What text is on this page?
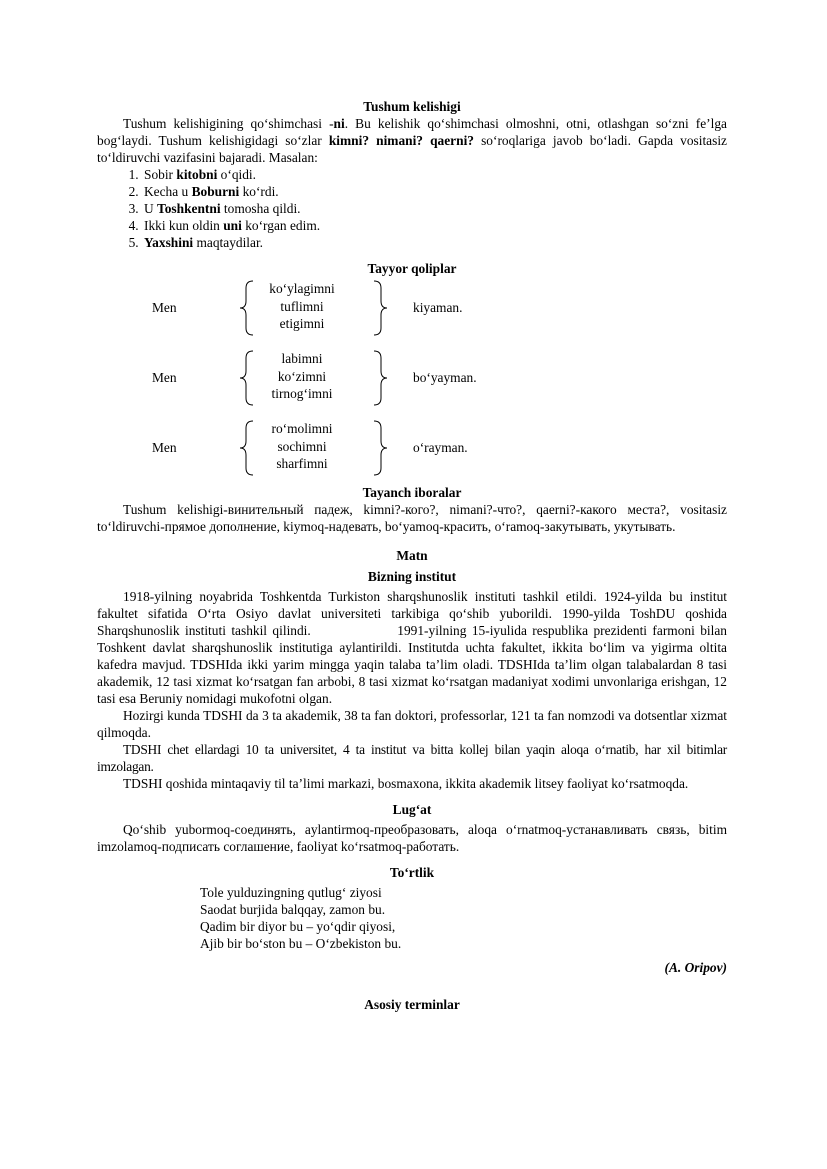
Tushum kelishigi

Tushum kelishigining qo‘shimchasi -ni. Bu kelishik qo‘shimchasi olmoshni, otni, otlashgan so‘zni fe’lga bog‘laydi. Tushum kelishigidagi so‘zlar kimni? nimani? qaerni? so‘roqlariga javob bo‘ladi. Gapda vositasiz to‘ldiruvchi vazifasini bajaradi. Masalan:

1. Sobir kitobni o‘qidi.
2. Kecha u Boburni ko‘rdi.
3. U Toshkentni tomosha qildi.
4. Ikki kun oldin uni ko‘rgan edim.
5. Yaxshini maqtaydilar.
Tayyor qoliplar
Men
ko‘ylagimni
tuflimni
etigimni
kiyaman.
Men
labimni
ko‘zimni
tirnog‘imni
bo‘yayman.
Men
ro‘molimni
sochimni
sharfimni
o‘rayman.
Tayanch iboralar

Tushum kelishigi-винительный падеж, kimni?-кого?, nimani?-что?, qaerni?-какого места?, vositasiz to‘ldiruvchi-прямое дополнение, kiymoq-надевать, bo‘yamoq-красить, o‘ramoq-закутывать, укутывать.

Matn
Bizning institut

1918-yilning noyabrida Toshkentda Turkiston sharqshunoslik instituti tashkil etildi. 1924-yilda bu institut fakultet sifatida O‘rta Osiyo davlat universiteti tarkibiga qo‘shib yuborildi. 1990-yilda ToshDU qoshida Sharqshunoslik instituti tashkil qilindi.                1991-yilning 15-iyulida respublika prezidenti farmoni bilan Toshkent davlat sharqshunoslik institutiga aylantirildi. Institutda uchta fakultet, ikkita bo‘lim va yigirma oltita kafedra mavjud. TDSHIda ikki yarim mingga yaqin talaba ta’lim oladi. TDSHIda ta’lim olgan talabalardan 8 tasi akademik, 12 tasi xizmat ko‘rsatgan fan arbobi, 8 tasi xizmat ko‘rsatgan madaniyat xodimi unvonlariga erishgan, 12 tasi esa Beruniy nomidagi mukofotni olgan.

Hozirgi kunda TDSHI da 3 ta akademik, 38 ta fan doktori, professorlar, 121 ta fan nomzodi va dotsentlar xizmat qilmoqda.

TDSHI chet ellardagi 10 ta universitet, 4 ta institut va bitta kollej bilan yaqin aloqa o‘rnatib, har xil bitimlar imzolagan.

TDSHI qoshida mintaqaviy til ta’limi markazi, bosmaxona, ikkita akademik litsey faoliyat ko‘rsatmoqda.

Lug‘at

Qo‘shib yubormoq-соединять, aylantirmoq-преобразовать, aloqa o‘rnatmoq-устанавливать связь, bitim imzolamoq-подписать соглашение, faoliyat ko‘rsatmoq-работать.

To‘rtlik
Tole yulduzingning qutlug‘ ziyosi
Saodat burjida balqqay, zamon bu.
Qadim bir diyor bu – yo‘qdir qiyosi,
Ajib bir bo‘ston bu – O‘zbekiston bu.
(A. Oripov)
Asosiy terminlar
